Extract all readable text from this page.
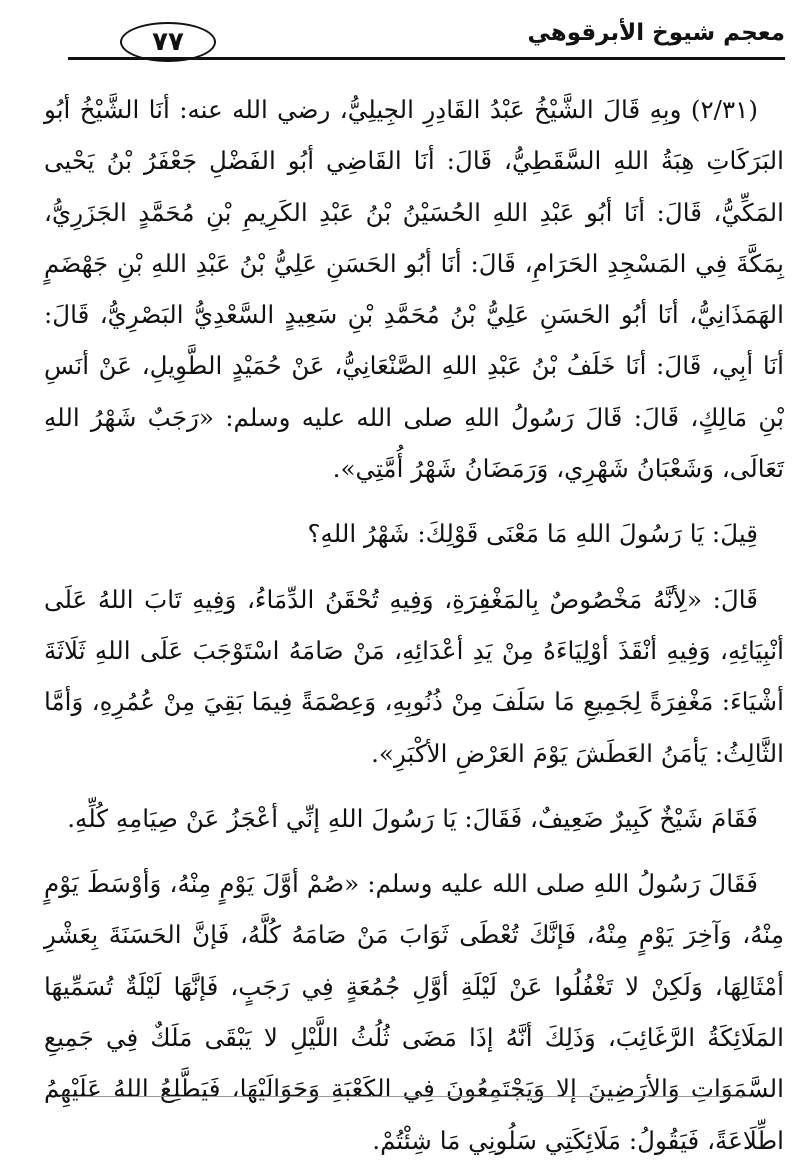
٧٧	معجم شيوخ الأبرقوهي

(٢/٣١) وبِهِ قَالَ الشَّيْخُ عَبْدُ القَادِرِ الجِيلِيُّ، رضي الله عنه: أنَا الشَّيْخُ أبُو البَرَكَاتِ هِبَةُ اللهِ السَّقَطِيُّ، قَالَ: أنَا القَاضِي أبُو الفَضْلِ جَعْفَرُ بْنُ يَحْيى المَكِّيُّ، قَالَ: أنَا أبُو عَبْدِ اللهِ الحُسَيْنُ بْنُ عَبْدِ الكَرِيمِ بْنِ مُحَمَّدٍ الجَزَرِيُّ، بِمَكَّةَ فِي المَسْجِدِ الحَرَامِ، قَالَ: أنَا أبُو الحَسَنِ عَلِيُّ بْنُ عَبْدِ اللهِ بْنِ جَهْضَمٍ الهَمَذَانِيُّ، أنَا أبُو الحَسَنِ عَلِيُّ بْنُ مُحَمَّدِ بْنِ سَعِيدٍ السَّعْدِيُّ البَصْرِيُّ، قَالَ: أنَا أبِي، قَالَ: أنَا خَلَفُ بْنُ عَبْدِ اللهِ الصَّنْعَانِيُّ، عَنْ حُمَيْدٍ الطَّوِيلِ، عَنْ أنَسِ بْنِ مَالِكٍ، قَالَ: قَالَ رَسُولُ اللهِ صلى الله عليه وسلم: «رَجَبٌ شَهْرُ اللهِ تَعَالَى، وَشَعْبَانُ شَهْرِي، وَرَمَضَانُ شَهْرُ أُمَّتِي».

قِيلَ: يَا رَسُولَ اللهِ مَا مَعْنَى قَوْلِكَ: شَهْرُ اللهِ؟

قَالَ: «لِأنَّهُ مَخْصُوصٌ بِالمَغْفِرَةِ، وَفِيهِ تُحْقَنُ الدِّمَاءُ، وَفِيهِ تَابَ اللهُ عَلَى أنْبِيَائِهِ، وَفِيهِ أنْقَذَ أوْلِيَاءَهُ مِنْ يَدِ أعْدَائِهِ، مَنْ صَامَهُ اسْتَوْجَبَ عَلَى اللهِ ثَلَاثَةَ أشْيَاءَ: مَغْفِرَةً لِجَمِيعِ مَا سَلَفَ مِنْ ذُنُوبِهِ، وَعِصْمَةً فِيمَا بَقِيَ مِنْ عُمُرِهِ، وَأمَّا الثَّالِثُ: يَأمَنُ العَطَشَ يَوْمَ العَرْضِ الأكْبَرِ».

فَقَامَ شَيْخٌ كَبِيرٌ ضَعِيفٌ، فَقَالَ: يَا رَسُولَ اللهِ إنِّي أعْجَزُ عَنْ صِيَامِهِ كُلِّهِ.

فَقَالَ رَسُولُ اللهِ صلى الله عليه وسلم: «صُمْ أوَّلَ يَوْمٍ مِنْهُ، وَأوْسَطَ يَوْمٍ مِنْهُ، وَآخِرَ يَوْمٍ مِنْهُ، فَإنَّكَ تُعْطَى ثَوَابَ مَنْ صَامَهُ كُلَّهُ، فَإنَّ الحَسَنَةَ بِعَشْرِ أمْثَالِهَا، وَلَكِنْ لا تَغْفُلُوا عَنْ لَيْلَةِ أوَّلِ جُمُعَةٍ فِي رَجَبٍ، فَإنَّهَا لَيْلَةٌ تُسَمِّيهَا المَلَائِكَةُ الرَّغَائِبَ، وَذَلِكَ أنَّهُ إذَا مَضَى ثُلُثُ اللَّيْلِ لا يَبْقَى مَلَكٌ فِي جَمِيعِ السَّمَوَاتِ وَالأرَضِينَ إلا وَيَجْتَمِعُونَ فِي الكَعْبَةِ وَحَوَالَيْهَا، فَيَطَّلِعُ اللهُ عَلَيْهِمُ اطِّلَاعَةً، فَيَقُولُ: مَلَائِكَتِي سَلُونِي مَا شِئْتُمْ.
